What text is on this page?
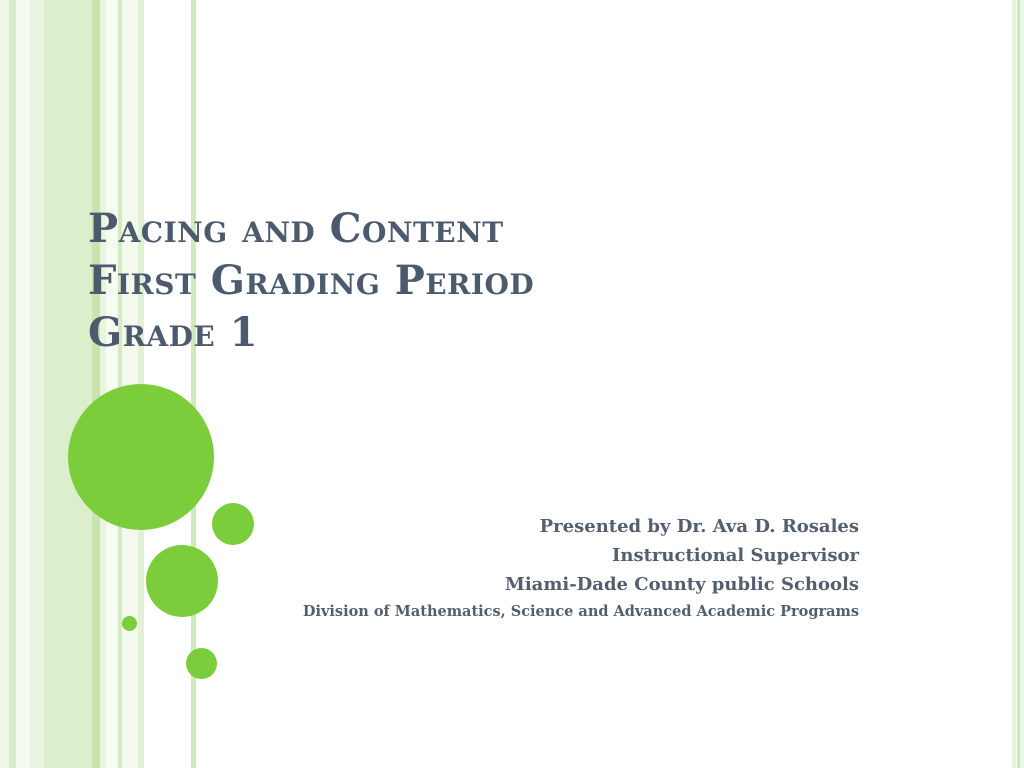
Pacing and Content
First Grading Period
Grade 1
Presented by Dr. Ava D. Rosales
Instructional Supervisor
Miami-Dade County public Schools
Division of Mathematics, Science and Advanced Academic Programs
